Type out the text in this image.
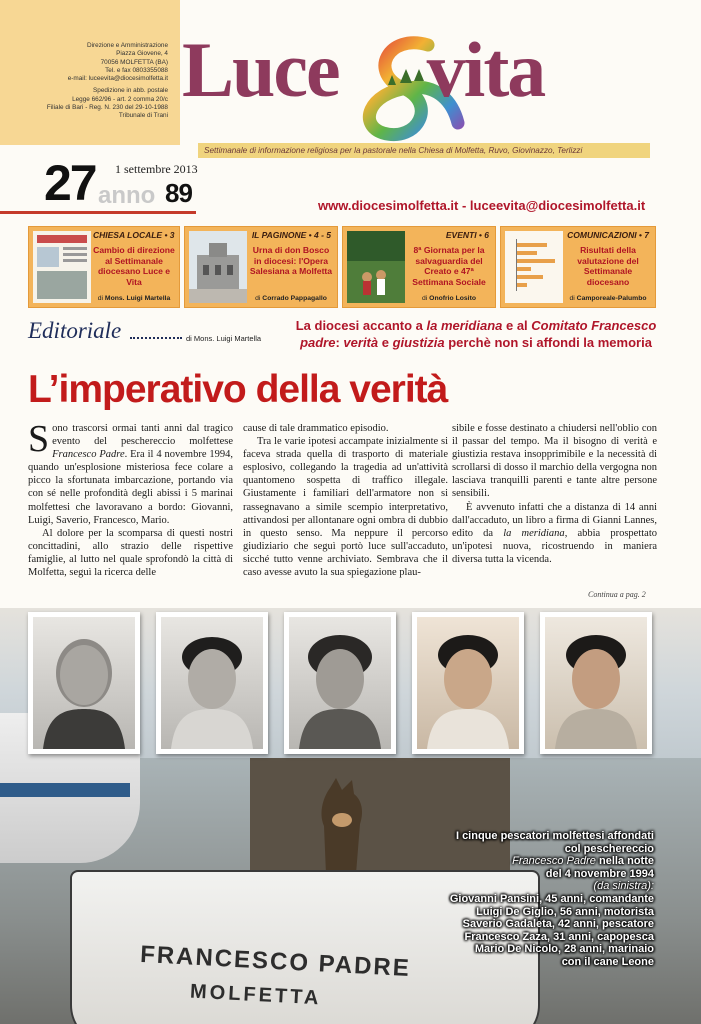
Direzione e Amministrazione
Piazza Giovene, 4
70056 MOLFETTA (BA)
Tel. e fax 0803355088
e-mail: luceevita@diocesimolfetta.it
Spedizione in abb. postale
Legge 662/96 - art. 2 comma 20/c
Filiale di Bari - Reg. N. 230 del 29-10-1988
Tribunale di Trani
Luce vita
Settimanale di informazione religiosa per la pastorale nella Chiesa di Molfetta, Ruvo, Giovinazzo, Terlizzi
27 1 settembre 2013
anno 89	www.diocesimolfetta.it - luceevita@diocesimolfetta.it
CHIESA LOCALE • 3
Cambio di direzione al Settimanale diocesano Luce e Vita
di Mons. Luigi Martella
IL PAGINONE • 4 - 5
Urna di don Bosco in diocesi: l'Opera Salesiana a Molfetta
di Corrado Pappagallo
EVENTI • 6
8ª Giornata per la salvaguardia del Creato e 47ª Settimana Sociale
di Onofrio Losito
COMUNICAZIONI • 7
Risultati della valutazione del Settimanale diocesano
di Camporeale-Palumbo
Editoriale	di Mons. Luigi Martella
La diocesi accanto a la meridiana e al Comitato Francesco padre: verità e giustizia perchè non si affondi la memoria
L’imperativo della verità

Sono trascorsi ormai tanti anni dal tragico evento del peschereccio molfettese Francesco Padre. Era il 4 novembre 1994, quando un'esplosione misteriosa fece colare a picco la sfortunata imbarcazione, portando via con sé nelle profondità degli abissi i 5 marinai molfettesi che lavoravano a bordo: Giovanni, Luigi, Saverio, Francesco, Mario.

Al dolore per la scomparsa di questi nostri concittadini, allo strazio delle rispettive famiglie, al lutto nel quale sprofondò la città di Molfetta, seguì la ricerca delle

cause di tale drammatico episodio.

Tra le varie ipotesi accampate inizialmente si faceva strada quella di trasporto di materiale esplosivo, collegando la tragedia ad un'attività quantomeno sospetta di traffico illegale. Giustamente i familiari dell'armatore non si rassegnavano a simile scempio interpretativo, attivandosi per allontanare ogni ombra di dubbio in questo senso. Ma neppure il percorso giudiziario che seguì portò luce sull'accaduto, sicché tutto venne archiviato. Sembrava che il caso avesse avuto la sua spiegazione plau-

sibile e fosse destinato a chiudersi nell'oblio con il passar del tempo. Ma il bisogno di verità e giustizia restava insopprimibile e la necessità di scrollarsi di dosso il marchio della vergogna non lasciava tranquilli parenti e tante altre persone sensibili.

È avvenuto infatti che a distanza di 14 anni dall'accaduto, un libro a firma di Gianni Lannes, edito da la meridiana, abbia prospettato un'ipotesi nuova, ricostruendo in maniera diversa tutta la vicenda.

Continua a pag. 2
FRANCESCO PADRE
MOLFETTA
I cinque pescatori molfettesi affondati
col peschereccio
Francesco Padre nella notte
del 4 novembre 1994
(da sinistra):
Giovanni Pansini, 45 anni, comandante
Luigi De Giglio, 56 anni, motorista
Saverio Gadaleta, 42 anni, pescatore
Francesco Zaza, 31 anni, capopesca
Mario De Nicolo, 28 anni, marinaio
con il cane Leone
